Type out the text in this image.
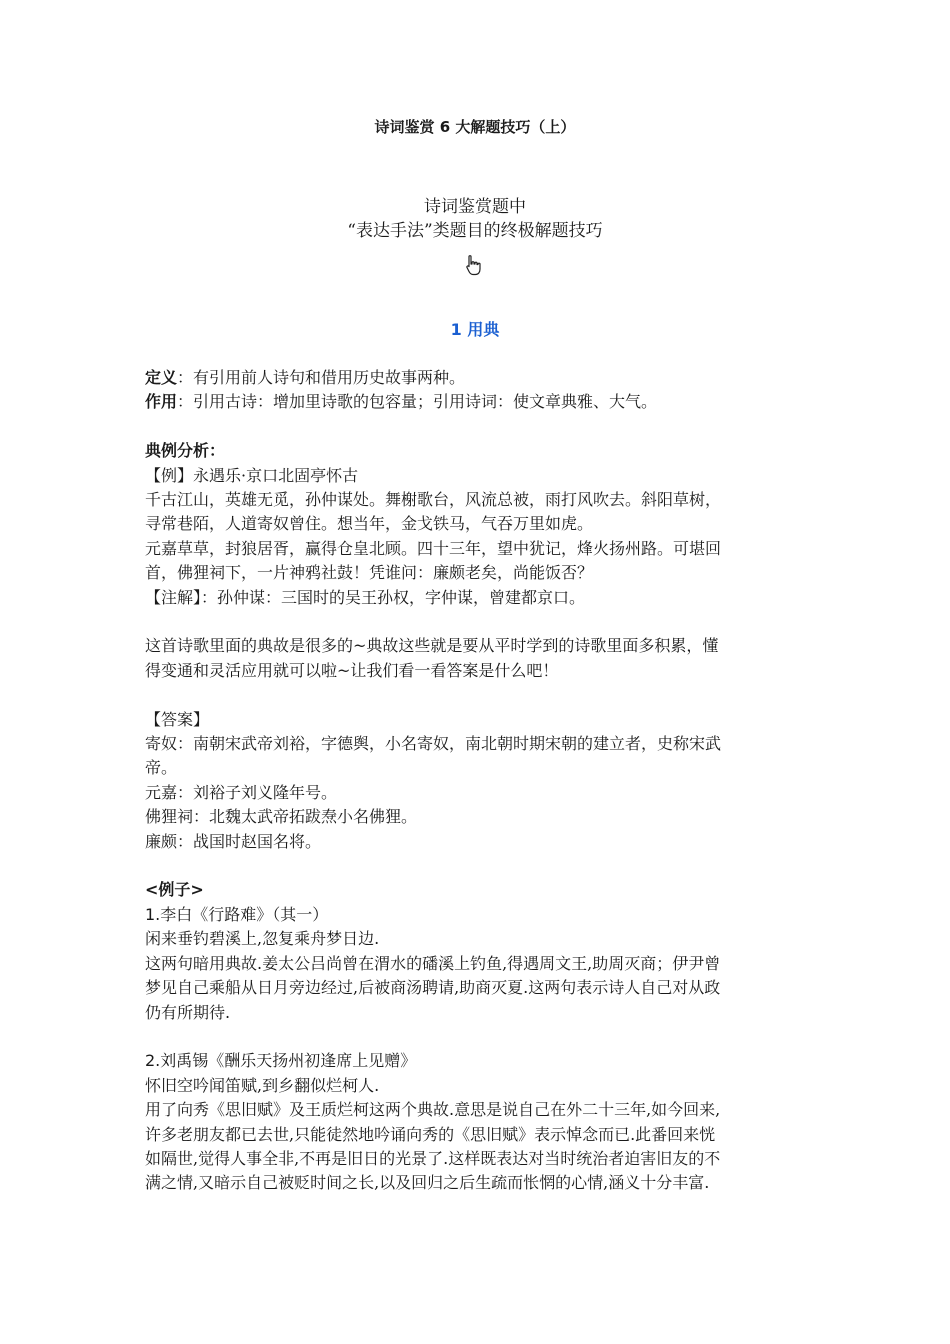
诗词鉴赏 6 大解题技巧（上）

诗词鉴赏题中

“表达手法”类题目的终极解题技巧

1 用典

定义：有引用前人诗句和借用历史故事两种。

作用：引用古诗：增加里诗歌的包容量；引用诗词：使文章典雅、大气。

典例分析：

【例】永遇乐·京口北固亭怀古

千古江山，英雄无觅，孙仲谋处。舞榭歌台，风流总被，雨打风吹去。斜阳草树，

寻常巷陌，人道寄奴曾住。想当年，金戈铁马，气吞万里如虎。

元嘉草草，封狼居胥，赢得仓皇北顾。四十三年，望中犹记，烽火扬州路。可堪回

首，佛狸祠下，一片神鸦社鼓！凭谁问：廉颇老矣，尚能饭否？

【注解】：孙仲谋：三国时的吴王孙权，字仲谋，曾建都京口。

这首诗歌里面的典故是很多的~典故这些就是要从平时学到的诗歌里面多积累，懂

得变通和灵活应用就可以啦~让我们看一看答案是什么吧！

【答案】

寄奴：南朝宋武帝刘裕，字德舆，小名寄奴，南北朝时期宋朝的建立者，史称宋武

帝。

元嘉：刘裕子刘义隆年号。

佛狸祠：北魏太武帝拓跋焘小名佛狸。

廉颇：战国时赵国名将。

<例子>

1.李白《行路难》（其一）

闲来垂钓碧溪上,忽复乘舟梦日边.

这两句暗用典故.姜太公吕尚曾在渭水的磻溪上钓鱼,得遇周文王,助周灭商；伊尹曾

梦见自己乘船从日月旁边经过,后被商汤聘请,助商灭夏.这两句表示诗人自己对从政

仍有所期待.

2.刘禹锡《酬乐天扬州初逢席上见赠》

怀旧空吟闻笛赋,到乡翻似烂柯人.

用了向秀《思旧赋》及王质烂柯这两个典故.意思是说自己在外二十三年,如今回来,

许多老朋友都已去世,只能徒然地吟诵向秀的《思旧赋》表示悼念而已.此番回来恍

如隔世,觉得人事全非,不再是旧日的光景了.这样既表达对当时统治者迫害旧友的不

满之情,又暗示自己被贬时间之长,以及回归之后生疏而怅惘的心情,涵义十分丰富.
